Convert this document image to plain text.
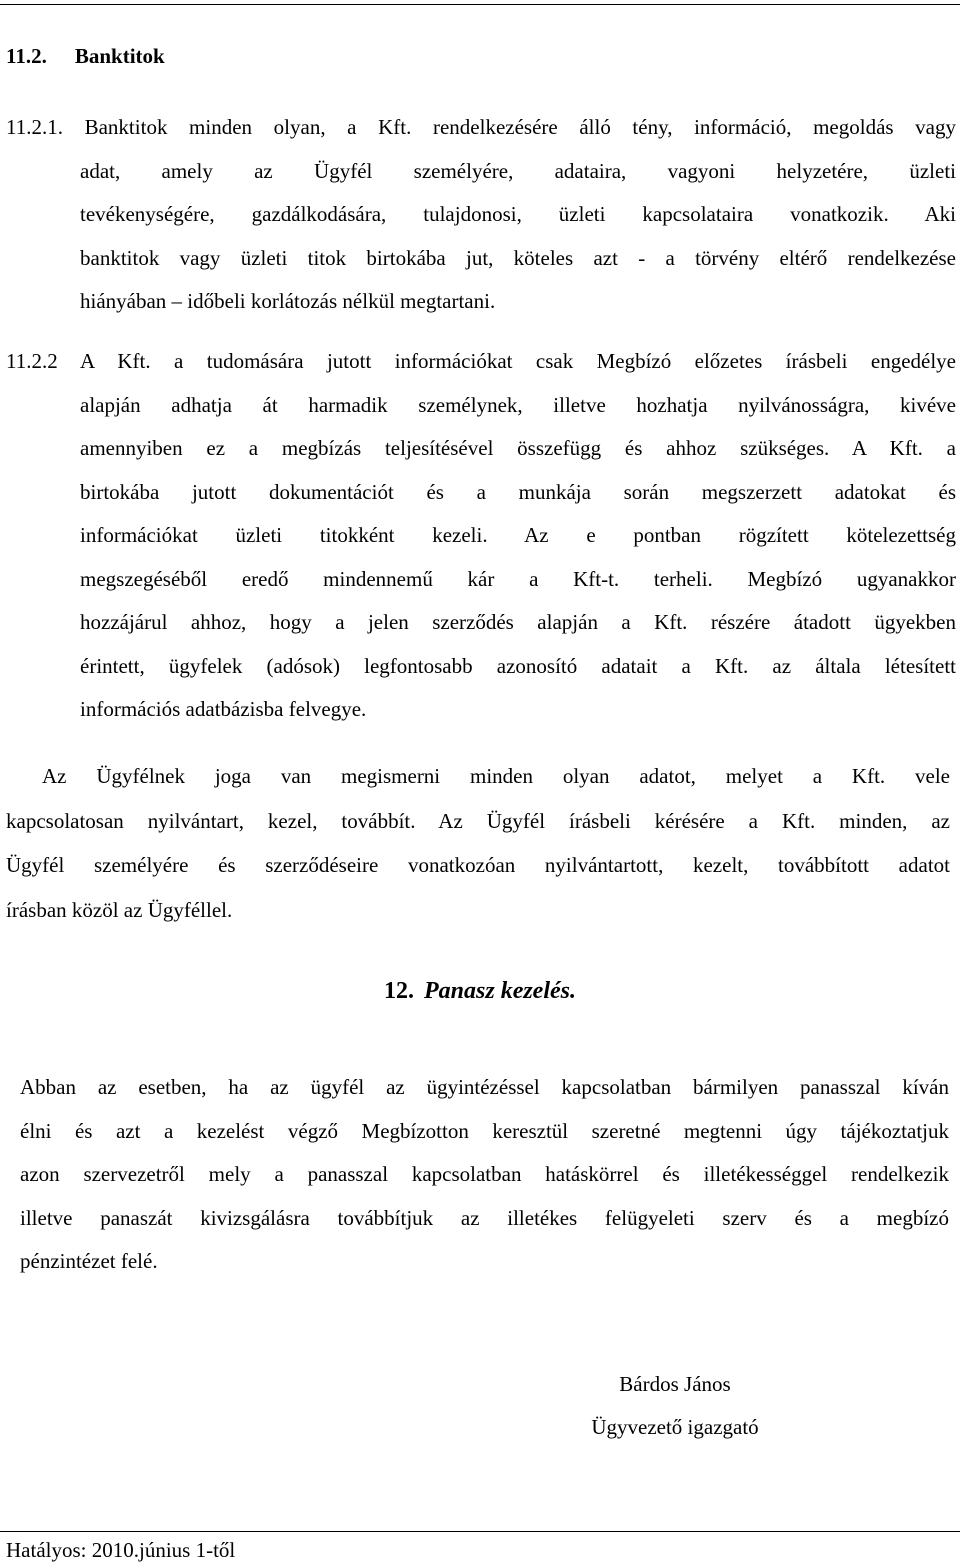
11.2. Banktitok
11.2.1. Banktitok minden olyan, a Kft. rendelkezésére álló tény, információ, megoldás vagy
adat, amely az Ügyfél személyére, adataira, vagyoni helyzetére, üzleti
tevékenységére, gazdálkodására, tulajdonosi, üzleti kapcsolataira vonatkozik. Aki
banktitok vagy üzleti titok birtokába jut, köteles azt - a törvény eltérő rendelkezése
hiányában – időbeli korlátozás nélkül megtartani.
11.2.2 A Kft. a tudomására jutott információkat csak Megbízó előzetes írásbeli engedélye
alapján adhatja át harmadik személynek, illetve hozhatja nyilvánosságra, kivéve
amennyiben ez a megbízás teljesítésével összefügg és ahhoz szükséges. A Kft. a
birtokába jutott dokumentációt és a munkája során megszerzett adatokat és
információkat üzleti titokként kezeli. Az e pontban rögzített kötelezettség
megszegéséből eredő mindennemű kár a Kft-t. terheli. Megbízó ugyanakkor
hozzájárul ahhoz, hogy a jelen szerződés alapján a Kft. részére átadott ügyekben
érintett, ügyfelek (adósok) legfontosabb azonosító adatait a Kft. az általa létesített
információs adatbázisba felvegye.
Az Ügyfélnek joga van megismerni minden olyan adatot, melyet a Kft. vele
kapcsolatosan nyilvántart, kezel, továbbít. Az Ügyfél írásbeli kérésére a Kft. minden, az
Ügyfél személyére és szerződéseire vonatkozóan nyilvántartott, kezelt, továbbított adatot
írásban közöl az Ügyféllel.
12. Panasz kezelés.
Abban az esetben, ha az ügyfél az ügyintézéssel kapcsolatban bármilyen panasszal kíván
élni és azt a kezelést végző Megbízotton keresztül szeretné megtenni úgy tájékoztatjuk
azon szervezetről mely a panasszal kapcsolatban hatáskörrel és illetékességgel rendelkezik
illetve panaszát kivizsgálásra továbbítjuk az illetékes felügyeleti szerv és a megbízó
pénzintézet felé.
Bárdos János
Ügyvezető igazgató
Hatályos: 2010.június 1-től
